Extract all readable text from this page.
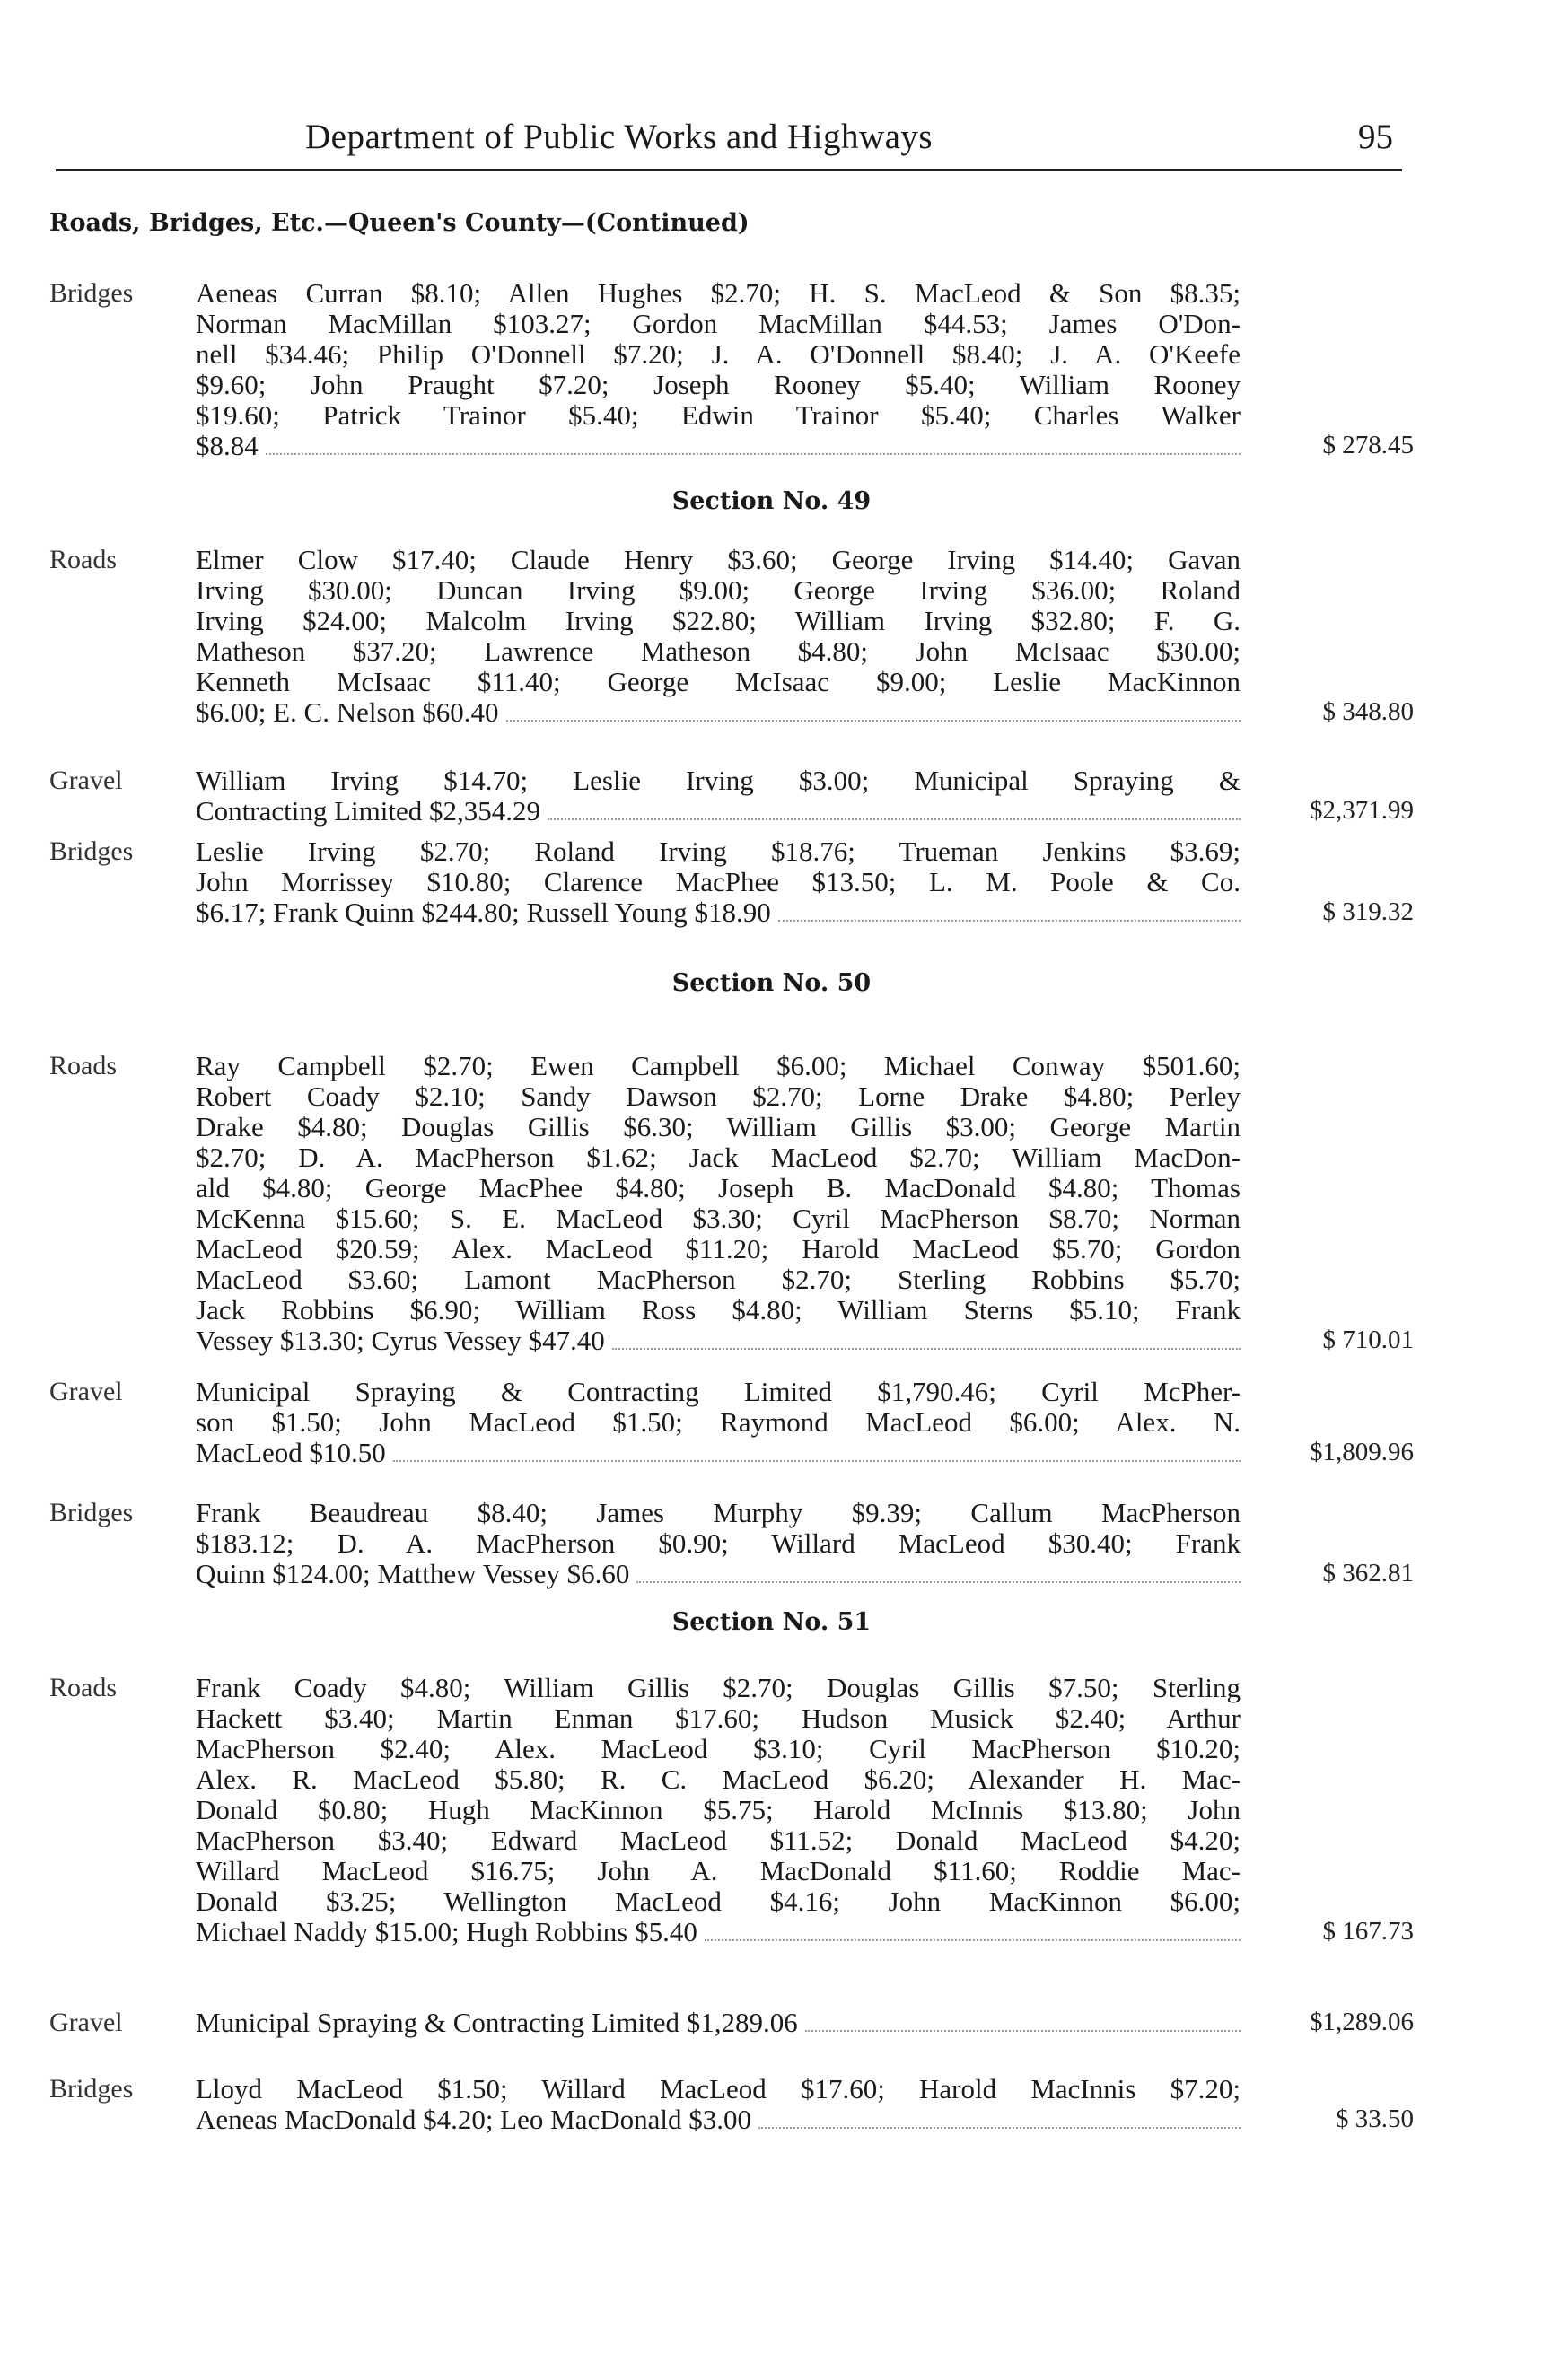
Department of Public Works and Highways	95
Roads, Bridges, Etc.—Queen's County—(Continued)
Bridges Aeneas Curran $8.10; Allen Hughes $2.70; H. S. MacLeod & Son $8.35;
Norman MacMillan $103.27; Gordon MacMillan $44.53; James O'Don-
nell $34.46; Philip O'Donnell $7.20; J. A. O'Donnell $8.40; J. A. O'Keefe
$9.60; John Praught $7.20; Joseph Rooney $5.40; William Rooney
$19.60; Patrick Trainor $5.40; Edwin Trainor $5.40; Charles Walker
$8.84	$ 278.45
Section No. 49
Roads	Elmer Clow $17.40; Claude Henry $3.60; George Irving $14.40; Gavan
Irving $30.00; Duncan Irving $9.00; George Irving $36.00; Roland
Irving $24.00; Malcolm Irving $22.80; William Irving $32.80; F. G.
Matheson $37.20; Lawrence Matheson $4.80; John McIsaac $30.00;
Kenneth McIsaac $11.40; George McIsaac $9.00; Leslie MacKinnon
$6.00; E. C. Nelson $60.40	$ 348.80
Gravel	William Irving $14.70; Leslie Irving $3.00; Municipal Spraying &
Contracting Limited $2,354.29	$2,371.99
Bridges Leslie Irving $2.70; Roland Irving $18.76; Trueman Jenkins $3.69;
John Morrissey $10.80; Clarence MacPhee $13.50; L. M. Poole & Co.
$6.17; Frank Quinn $244.80; Russell Young $18.90	$ 319.32
Section No. 50
Roads	Ray Campbell $2.70; Ewen Campbell $6.00; Michael Conway $501.60;
Robert Coady $2.10; Sandy Dawson $2.70; Lorne Drake $4.80; Perley
Drake $4.80; Douglas Gillis $6.30; William Gillis $3.00; George Martin
$2.70; D. A. MacPherson $1.62; Jack MacLeod $2.70; William MacDon-
ald $4.80; George MacPhee $4.80; Joseph B. MacDonald $4.80; Thomas
McKenna $15.60; S. E. MacLeod $3.30; Cyril MacPherson $8.70; Norman
MacLeod $20.59; Alex. MacLeod $11.20; Harold MacLeod $5.70; Gordon
MacLeod $3.60; Lamont MacPherson $2.70; Sterling Robbins $5.70;
Jack Robbins $6.90; William Ross $4.80; William Sterns $5.10; Frank
Vessey $13.30; Cyrus Vessey $47.40	$ 710.01
Gravel	Municipal Spraying & Contracting Limited $1,790.46; Cyril McPher-
son $1.50; John MacLeod $1.50; Raymond MacLeod $6.00; Alex. N.
MacLeod $10.50	$1,809.96
Bridges Frank Beaudreau $8.40; James Murphy $9.39; Callum MacPherson
$183.12; D. A. MacPherson $0.90; Willard MacLeod $30.40; Frank
Quinn $124.00; Matthew Vessey $6.60	$ 362.81
Section No. 51
Roads	Frank Coady $4.80; William Gillis $2.70; Douglas Gillis $7.50; Sterling
Hackett $3.40; Martin Enman $17.60; Hudson Musick $2.40; Arthur
MacPherson $2.40; Alex. MacLeod $3.10; Cyril MacPherson $10.20;
Alex. R. MacLeod $5.80; R. C. MacLeod $6.20; Alexander H. Mac-
Donald $0.80; Hugh MacKinnon $5.75; Harold McInnis $13.80; John
MacPherson $3.40; Edward MacLeod $11.52; Donald MacLeod $4.20;
Willard MacLeod $16.75; John A. MacDonald $11.60; Roddie Mac-
Donald $3.25; Wellington MacLeod $4.16; John MacKinnon $6.00;
Michael Naddy $15.00; Hugh Robbins $5.40	$ 167.73
Gravel	Municipal Spraying & Contracting Limited $1,289.06	$1,289.06
Bridges Lloyd MacLeod $1.50; Willard MacLeod $17.60; Harold MacInnis $7.20;
Aeneas MacDonald $4.20; Leo MacDonald $3.00	$ 33.50
